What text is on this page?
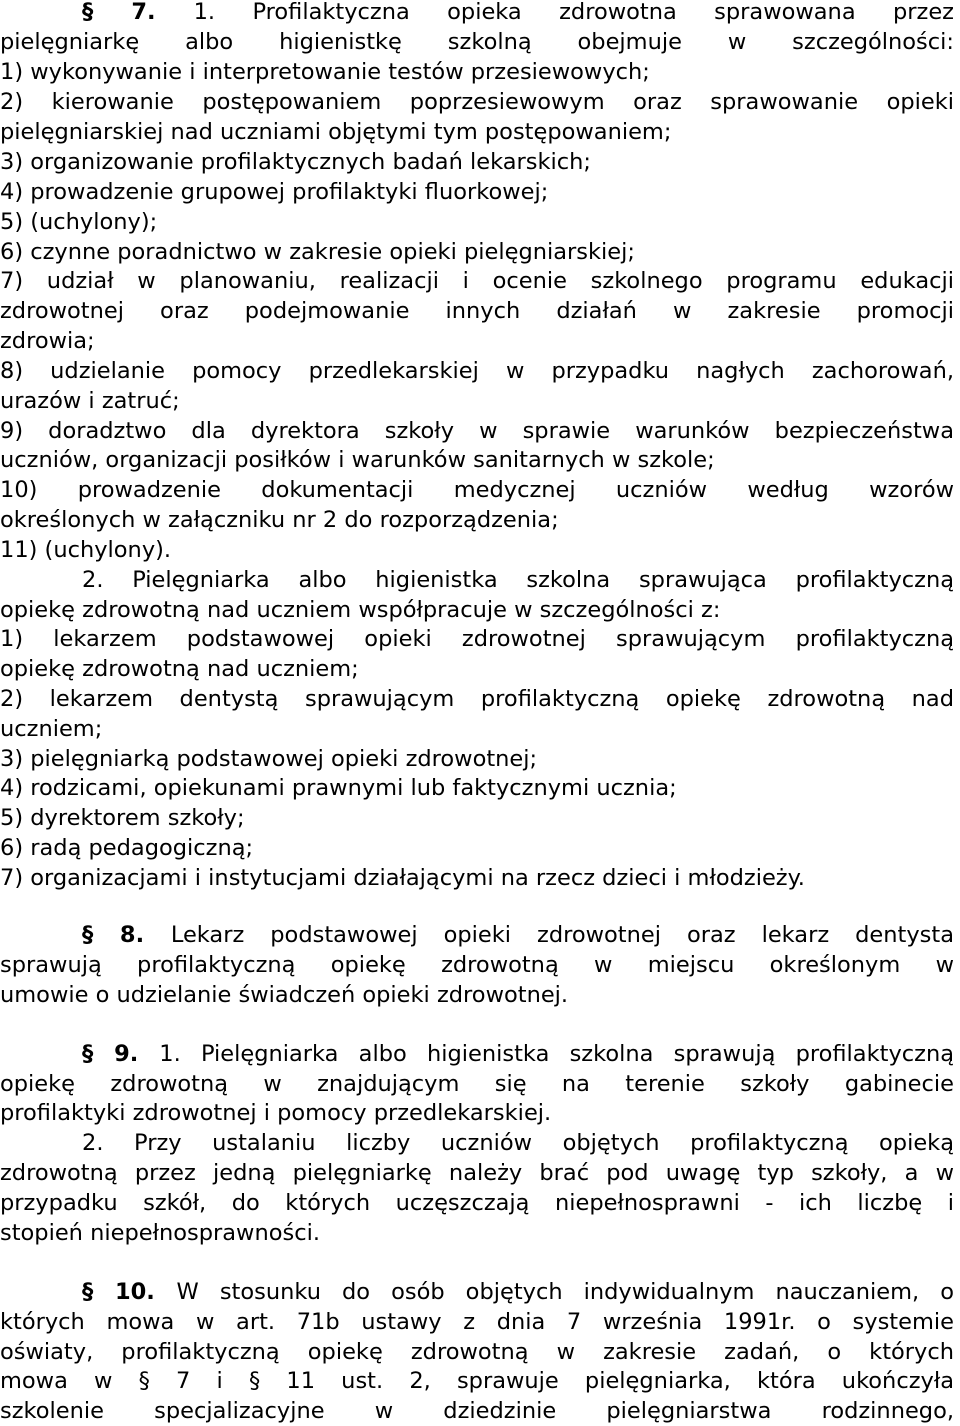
§ 7. 1. Profilaktyczna opieka zdrowotna sprawowana przez
pielęgniarkę albo higienistkę szkolną obejmuje w szczególności:
1) wykonywanie i interpretowanie testów przesiewowych;
2) kierowanie postępowaniem poprzesiewowym oraz sprawowanie opieki
pielęgniarskiej nad uczniami objętymi tym postępowaniem;
3) organizowanie profilaktycznych badań lekarskich;
4) prowadzenie grupowej profilaktyki fluorkowej;
5) (uchylony);
6) czynne poradnictwo w zakresie opieki pielęgniarskiej;
7) udział w planowaniu, realizacji i ocenie szkolnego programu edukacji
zdrowotnej oraz podejmowanie innych działań w zakresie promocji
zdrowia;
8) udzielanie pomocy przedlekarskiej w przypadku nagłych zachorowań,
urazów i zatruć;
9) doradztwo dla dyrektora szkoły w sprawie warunków bezpieczeństwa
uczniów, organizacji posiłków i warunków sanitarnych w szkole;
10) prowadzenie dokumentacji medycznej uczniów według wzorów
określonych w załączniku nr 2 do rozporządzenia;
11) (uchylony).
2. Pielęgniarka albo higienistka szkolna sprawująca profilaktyczną
opiekę zdrowotną nad uczniem współpracuje w szczególności z:
1) lekarzem podstawowej opieki zdrowotnej sprawującym profilaktyczną
opiekę zdrowotną nad uczniem;
2) lekarzem dentystą sprawującym profilaktyczną opiekę zdrowotną nad
uczniem;
3) pielęgniarką podstawowej opieki zdrowotnej;
4) rodzicami, opiekunami prawnymi lub faktycznymi ucznia;
5) dyrektorem szkoły;
6) radą pedagogiczną;
7) organizacjami i instytucjami działającymi na rzecz dzieci i młodzieży.
§ 8. Lekarz podstawowej opieki zdrowotnej oraz lekarz dentysta
sprawują profilaktyczną opiekę zdrowotną w miejscu określonym w
umowie o udzielanie świadczeń opieki zdrowotnej.
§ 9. 1. Pielęgniarka albo higienistka szkolna sprawują profilaktyczną
opiekę zdrowotną w znajdującym się na terenie szkoły gabinecie
profilaktyki zdrowotnej i pomocy przedlekarskiej.
2. Przy ustalaniu liczby uczniów objętych profilaktyczną opieką
zdrowotną przez jedną pielęgniarkę należy brać pod uwagę typ szkoły, a w
przypadku szkół, do których uczęszczają niepełnosprawni - ich liczbę i
stopień niepełnosprawności.
§ 10. W stosunku do osób objętych indywidualnym nauczaniem, o
których mowa w art. 71b ustawy z dnia 7 września 1991r. o systemie
oświaty, profilaktyczną opiekę zdrowotną w zakresie zadań, o których
mowa w § 7 i § 11 ust. 2, sprawuje pielęgniarka, która ukończyła
szkolenie specjalizacyjne w dziedzinie pielęgniarstwa rodzinnego,
